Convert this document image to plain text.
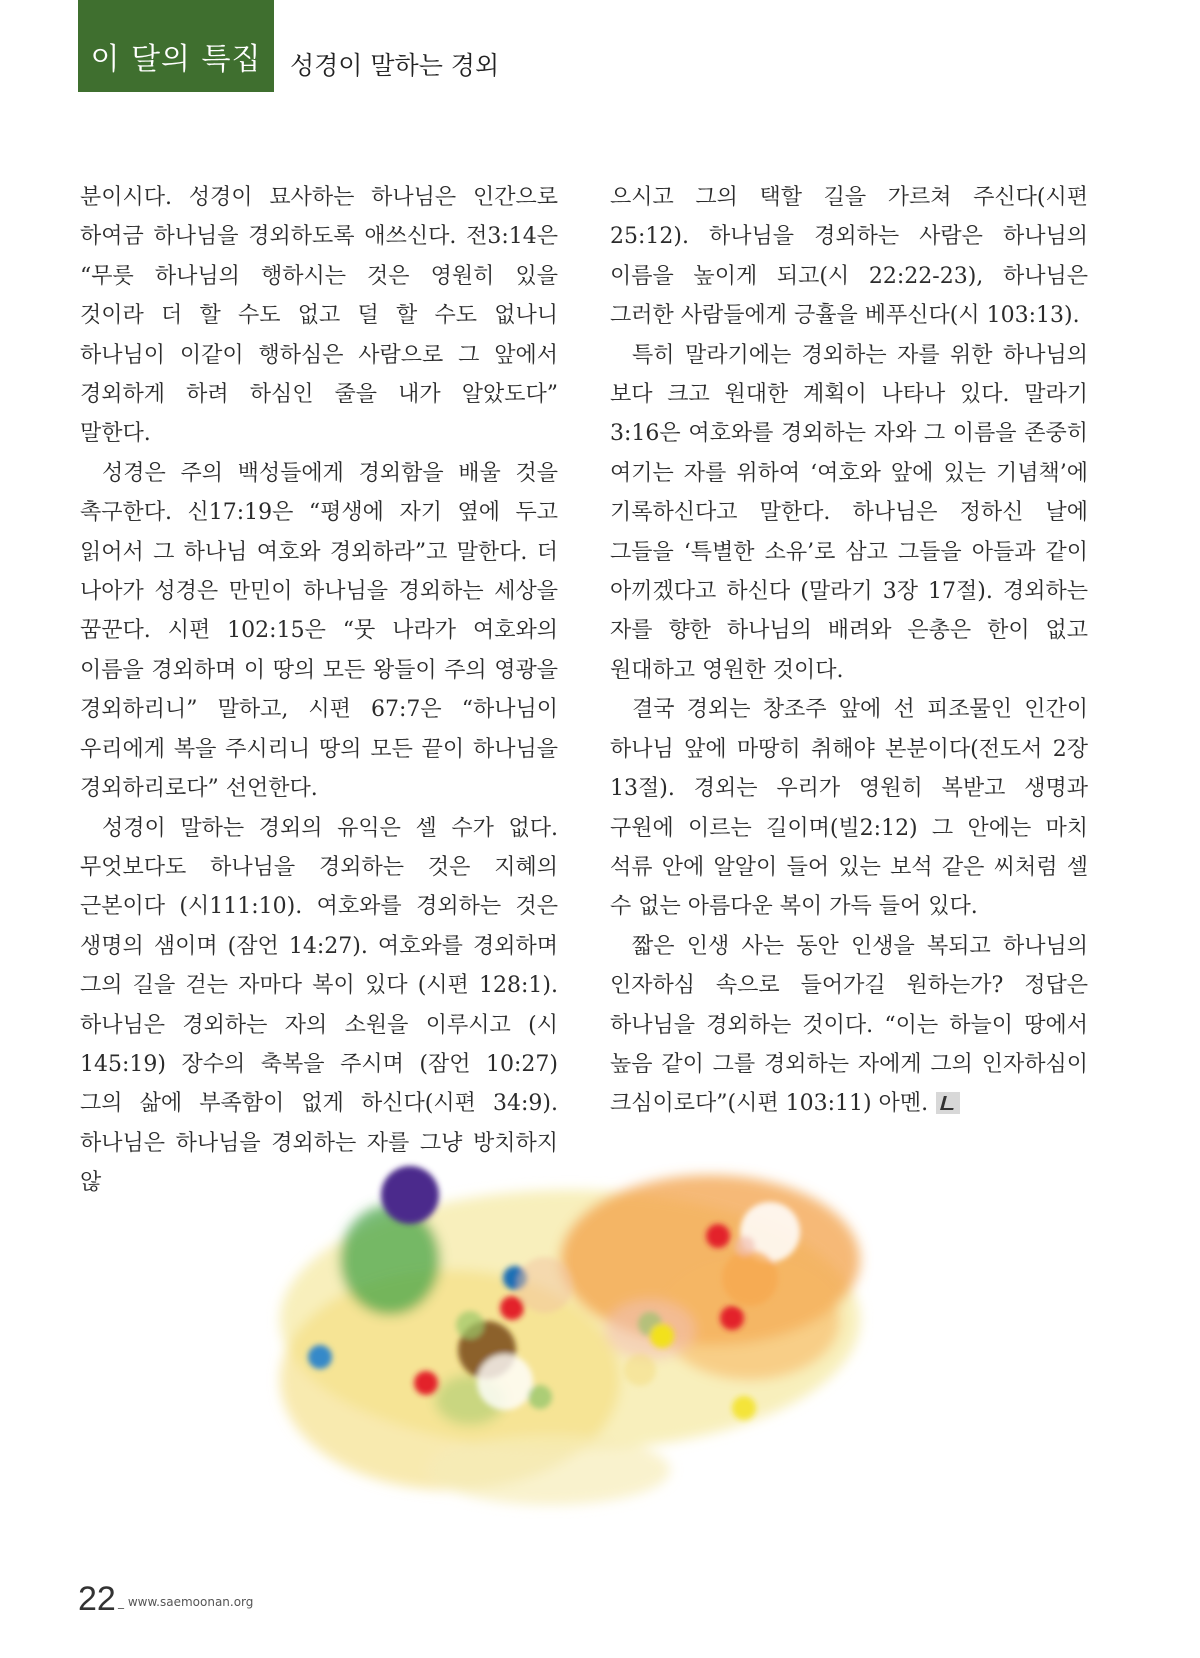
이 달의 특집 성경이 말하는 경외

분이시다. 성경이 묘사하는 하나님은 인간으로 하여금 하나님을 경외하도록 애쓰신다. 전3:14은 “무릇 하나님의 행하시는 것은 영원히 있을 것이라 더 할 수도 없고 덜 할 수도 없나니 하나님이 이같이 행하심은 사람으로 그 앞에서 경외하게 하려 하심인 줄을 내가 알았도다” 말한다.

성경은 주의 백성들에게 경외함을 배울 것을 촉구한다. 신17:19은 “평생에 자기 옆에 두고 읽어서 그 하나님 여호와 경외하라”고 말한다. 더 나아가 성경은 만민이 하나님을 경외하는 세상을 꿈꾼다. 시편 102:15은 “뭇 나라가 여호와의 이름을 경외하며 이 땅의 모든 왕들이 주의 영광을 경외하리니” 말하고, 시편 67:7은 “하나님이 우리에게 복을 주시리니 땅의 모든 끝이 하나님을 경외하리로다” 선언한다.

성경이 말하는 경외의 유익은 셀 수가 없다. 무엇보다도 하나님을 경외하는 것은 지혜의 근본이다 (시111:10). 여호와를 경외하는 것은 생명의 샘이며 (잠언 14:27). 여호와를 경외하며 그의 길을 걷는 자마다 복이 있다 (시편 128:1). 하나님은 경외하는 자의 소원을 이루시고 (시 145:19) 장수의 축복을 주시며 (잠언 10:27) 그의 삶에 부족함이 없게 하신다(시편 34:9). 하나님은 하나님을 경외하는 자를 그냥 방치하지 않

으시고 그의 택할 길을 가르쳐 주신다(시편 25:12). 하나님을 경외하는 사람은 하나님의 이름을 높이게 되고(시 22:22-23), 하나님은 그러한 사람들에게 긍휼을 베푸신다(시 103:13).

특히 말라기에는 경외하는 자를 위한 하나님의 보다 크고 원대한 계획이 나타나 있다. 말라기 3:16은 여호와를 경외하는 자와 그 이름을 존중히 여기는 자를 위하여 ‘여호와 앞에 있는 기념책’에 기록하신다고 말한다. 하나님은 정하신 날에 그들을 ‘특별한 소유’로 삼고 그들을 아들과 같이 아끼겠다고 하신다 (말라기 3장 17절). 경외하는 자를 향한 하나님의 배려와 은총은 한이 없고 원대하고 영원한 것이다.

결국 경외는 창조주 앞에 선 피조물인 인간이 하나님 앞에 마땅히 취해야 본분이다(전도서 2장 13절). 경외는 우리가 영원히 복받고 생명과 구원에 이르는 길이며(빌2:12) 그 안에는 마치 석류 안에 알알이 들어 있는 보석 같은 씨처럼 셀 수 없는 아름다운 복이 가득 들어 있다.

짧은 인생 사는 동안 인생을 복되고 하나님의 인자하심 속으로 들어가길 원하는가? 정답은 하나님을 경외하는 것이다. “이는 하늘이 땅에서 높음 같이 그를 경외하는 자에게 그의 인자하심이 크심이로다”(시편 103:11) 아멘.

22 _ www.saemoonan.org
